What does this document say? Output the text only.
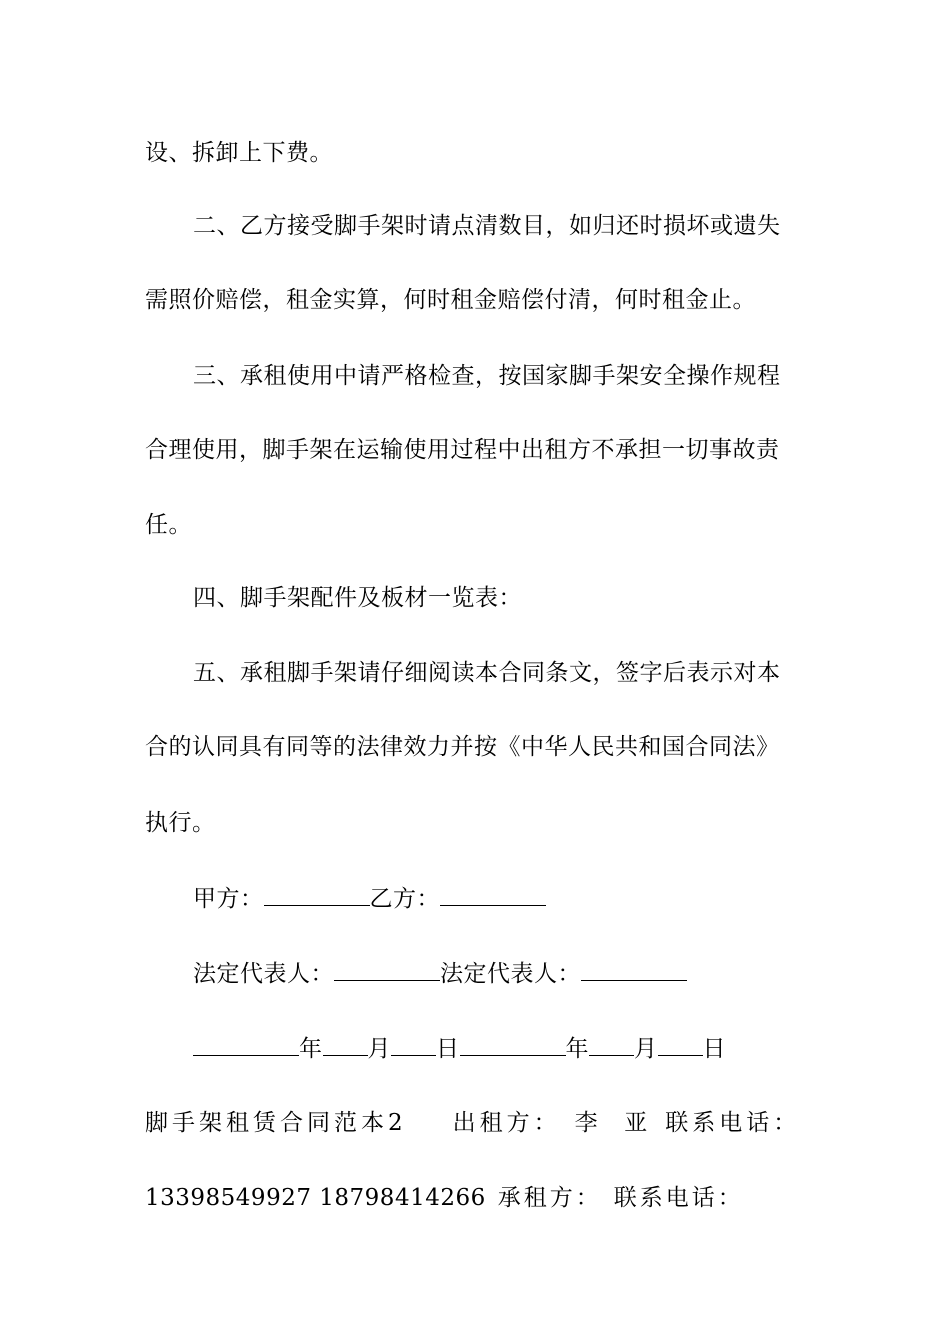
设、拆卸上下费。
二、乙方接受脚手架时请点清数目，如归还时损坏或遗失
需照价赔偿，租金实算，何时租金赔偿付清，何时租金止。
三、承租使用中请严格检查，按国家脚手架安全操作规程
合理使用，脚手架在运输使用过程中出租方不承担一切事故责
任。
四、脚手架配件及板材一览表：
五、承租脚手架请仔细阅读本合同条文，签字后表示对本
合的认同具有同等的法律效力并按《中华人民共和国合同法》
执行。
甲方：	乙方：
法定代表人：	法定代表人：
年 月 日	年 月 日
脚手架租赁合同范本2 出租方： 李  亚 联系电话：
13398549927 18798414266 承租方： 联系电话：
